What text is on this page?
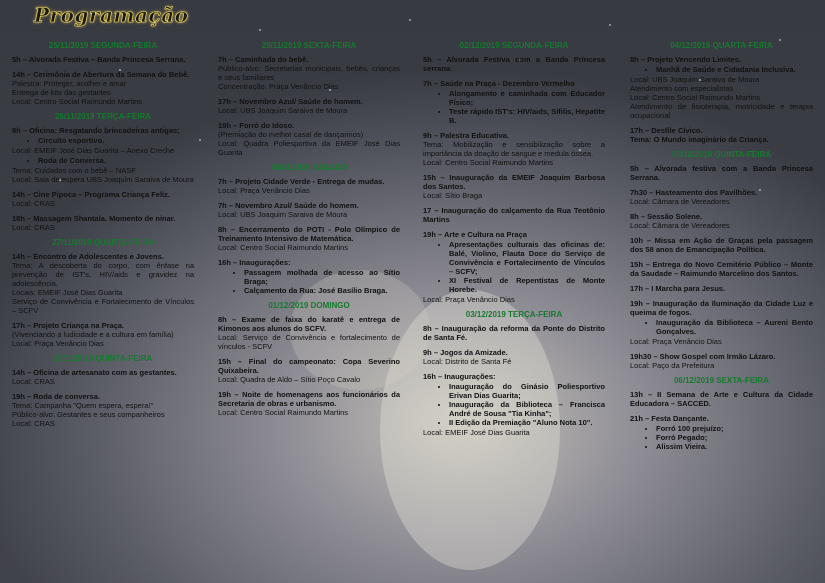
Programação
25/11/2019 SEGUNDA-FEIRA
5h – Alvorada Festiva – Banda Princesa Serrana.
14h – Cerimônia de Abertura da Semana do Bebê.
Palestra: Proteger, acolher e amar
Entrega de kits das gestantes
Local: Centro Social Raimundo Martins
26/11/2019 TERÇA-FEIRA
8h – Oficina: Resgatando brincadeiras antigas;
• Circuito esportivo.
Local: EMEIF José Dias Guarita – Anexo Creche
• Roda de Conversa.
Tema: Cuidados com o bebê – NASF
Local: Sala de espera UBS Joaquim Saraiva de Moura
14h – Cine Pipoca – Programa Criança Feliz.
Local: CRAS
18h – Massagem Shantala. Momento de ninar.
Local: CRAS
27/11/2019 QUARTA-FEIRA
14h – Encontro de Adolescentes e Jovens.
Tema: A descoberta do corpo, com ênfase na prevenção de IST's, HIV/aids e gravidez na adolescência.
Locais: EMEIF José Dias Guarita
Serviço de Convivência e Fortalecimento de Vínculos – SCFV
17h – Projeto Criança na Praça.
(Vivenciando a ludicidade e a cultura em família)
Local: Praça Venâncio Dias
28/11/2019 QUINTA-FEIRA
14h – Oficina de artesanato com as gestantes.
Local: CRAS
19h – Roda de conversa.
Tema: Campanha "Quem espera, espera!"
Público-alvo: Gestantes e seus companheiros
Local: CRAS
29/11/2019 SEXTA-FEIRA
7h – Caminhada do bebê.
Público-alvo: Secretarias municipais, bebês, crianças e seus familiares
Concentração: Praça Venâncio Dias
17h – Novembro Azul/ Saúde do homem.
Local: UBS Joaquim Saraiva de Moura
19h – Forró do Idoso.
(Premiação do melhor casal de dançarinos)
Local: Quadra Poliesportiva da EMEIF José Dias Guarita
30/11/2019 SÁBADO
7h – Projeto Cidade Verde - Entrega de mudas.
Local: Praça Venâncio Dias
7h – Novembro Azul/ Saúde do homem.
Local: UBS Joaquim Saraiva de Moura
8h – Encerramento do POTI - Polo Olímpico de Treinamento Intensivo de Matemática.
Local: Centro Social Raimundo Martins
16h – Inaugurações:
• Passagem molhada de acesso ao Sítio Braga;
• Calçamento da Rua: José Basílio Braga.
01/12/2019 DOMINGO
8h – Exame de faixa do karatê e entrega de Kimonos aos alunos do SCFV.
Local: Serviço de Convivência e fortalecimento de vínculos - SCFV
15h – Final do campeonato: Copa Severino Quixabeira.
Local: Quadra de Aldo – Sítio Poço Cavalo
19h – Noite de homenagens aos funcionários da Secretaria de obras e urbanismo.
Local: Centro Social Raimundo Martins
02/12/2019 SEGUNDA-FEIRA
5h – Alvorada Festiva com a Banda Princesa serrana.
7h – Saúde na Praça - Dezembro Vermelho
• Alongamento e caminhada com Educador Físico;
• Teste rápido IST's: HIV/aids, Sífilis, Hepatite B.
9h – Palestra Educativa.
Tema: Mobilização e sensibilização sobre a importância da doação de sangue e medula óssea.
Local: Centro Social Raimundo Martins
15h – Inauguração da EMEIF Joaquim Barbosa dos Santos.
Local: Sítio Braga
17 – Inauguração do calçamento da Rua Teotônio Martins
19h – Arte e Cultura na Praça
• Apresentações culturais das oficinas de: Balé, Violino, Flauta Doce do Serviço de Convivência e Fortalecimento de Vínculos – SCFV;
• XI Festival de Repentistas de Monte Horebe.
Local: Praça Venâncio Dias
03/12/2019 TERÇA-FEIRA
8h – Inauguração da reforma da Ponte do Distrito de Santa Fé.
9h – Jogos da Amizade.
Local: Distrito de Santa Fé
16h – Inaugurações:
• Inauguração do Ginásio Poliesportivo Erivan Dias Guarita;
• Inauguração da Biblioteca – Francisca André de Sousa "Tia Kinha";
• II Edição da Premiação "Aluno Nota 10".
Local: EMEIF José Dias Guarita
04/12/2019 QUARTA-FEIRA
8h – Projeto Vencendo Limites.
• Manhã de Saúde e Cidadania Inclusiva.
Local: UBS Joaquim Saraiva de Moura
Atendimento com especialistas
Local: Centro Social Raimundo Martins
Atendimento de fisioterapia, motricidade e terapia ocupacional
17h – Desfile Cívico.
Tema: O Mundo imaginário da Criança.
05/12/2019 QUINTA-FEIRA
5h – Alvorada festiva com a Banda Princesa Serrana.
7h30 – Hasteamento dos Pavilhões.
Local: Câmara de Vereadores
8h – Sessão Solene.
Local: Câmara de Vereadores
10h – Missa em Ação de Graças pela passagem dos 58 anos de Emancipação Política.
15h – Entrega do Novo Cemitério Público – Monte da Saudade – Raimundo Marcelino dos Santos.
17h – I Marcha para Jesus.
19h – Inauguração da Iluminação da Cidade Luz e queima de fogos.
• Inauguração da Biblioteca – Aureni Bento Gonçalves.
Local: Praça Venâncio Dias
19h30 – Show Gospel com Irmão Lázaro.
Local: Paço da Prefeitura
06/12/2019 SEXTA-FEIRA
13h – II Semana de Arte e Cultura da Cidade Educadora – SACCED.
21h – Festa Dançante.
• Forró 100 prejuízo;
• Forró Pegado;
• Alissim Vieira.
